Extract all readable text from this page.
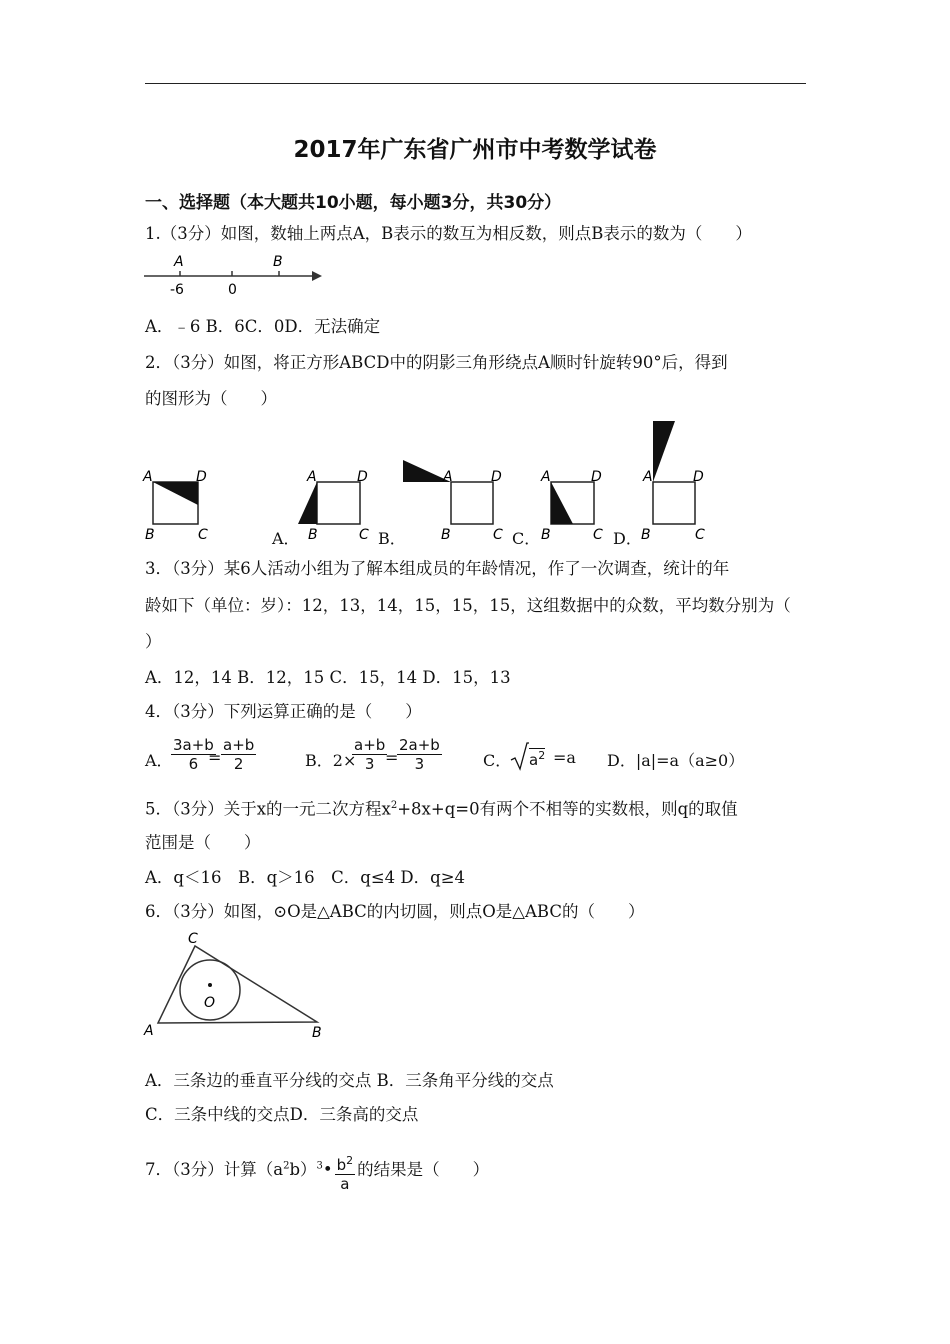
2017年广东省广州市中考数学试卷
一、选择题（本大题共10小题，每小题3分，共30分）
1.（3分）如图，数轴上两点A，B表示的数互为相反数，则点B表示的数为（　　）
A	B
-6	0
A．﹣6 B．6C．0D．无法确定
2．（3分）如图，将正方形ABCD中的阴影三角形绕点A顺时针旋转90°后，得到
的图形为（　　）
A	D
B	C
A	D
B	C
A	D
B	C
A	D
B	C
A	D
B	C
A．	B．	C．	D．
3．（3分）某6人活动小组为了解本组成员的年龄情况，作了一次调查，统计的年
龄如下（单位：岁）：12，13，14，15，15，15，这组数据中的众数，平均数分别为（
）
A．12，14 B．12，15 C．15，14 D．15，13
4．（3分）下列运算正确的是（　　）
A．
$\frac{3a+b}{6}$
= $\frac{a+b}{2}$	B．2×
$\frac{a+b}{3}$
=
$\frac{2a+b}{3}$	C． $a^2 =a$ D．|a|=a（a≥0）
5．（3分）关于x的一元二次方程$x^2+8x+q=0$有两个不相等的实数根，则q的取值
范围是（　　）
A．q＜16　B．q＞16　C．q≤4 D．q≥4
6．（3分）如图，⊙O是△ABC的内切圆，则点O是△ABC的（　　）
C
A	B
O
A．三条边的垂直平分线的交点 B．三条角平分线的交点
C．三条中线的交点D．三条高的交点
7．（3分）计算$(a^2b)^3• \frac{b^2}{a}$ 的结果是（　　）
